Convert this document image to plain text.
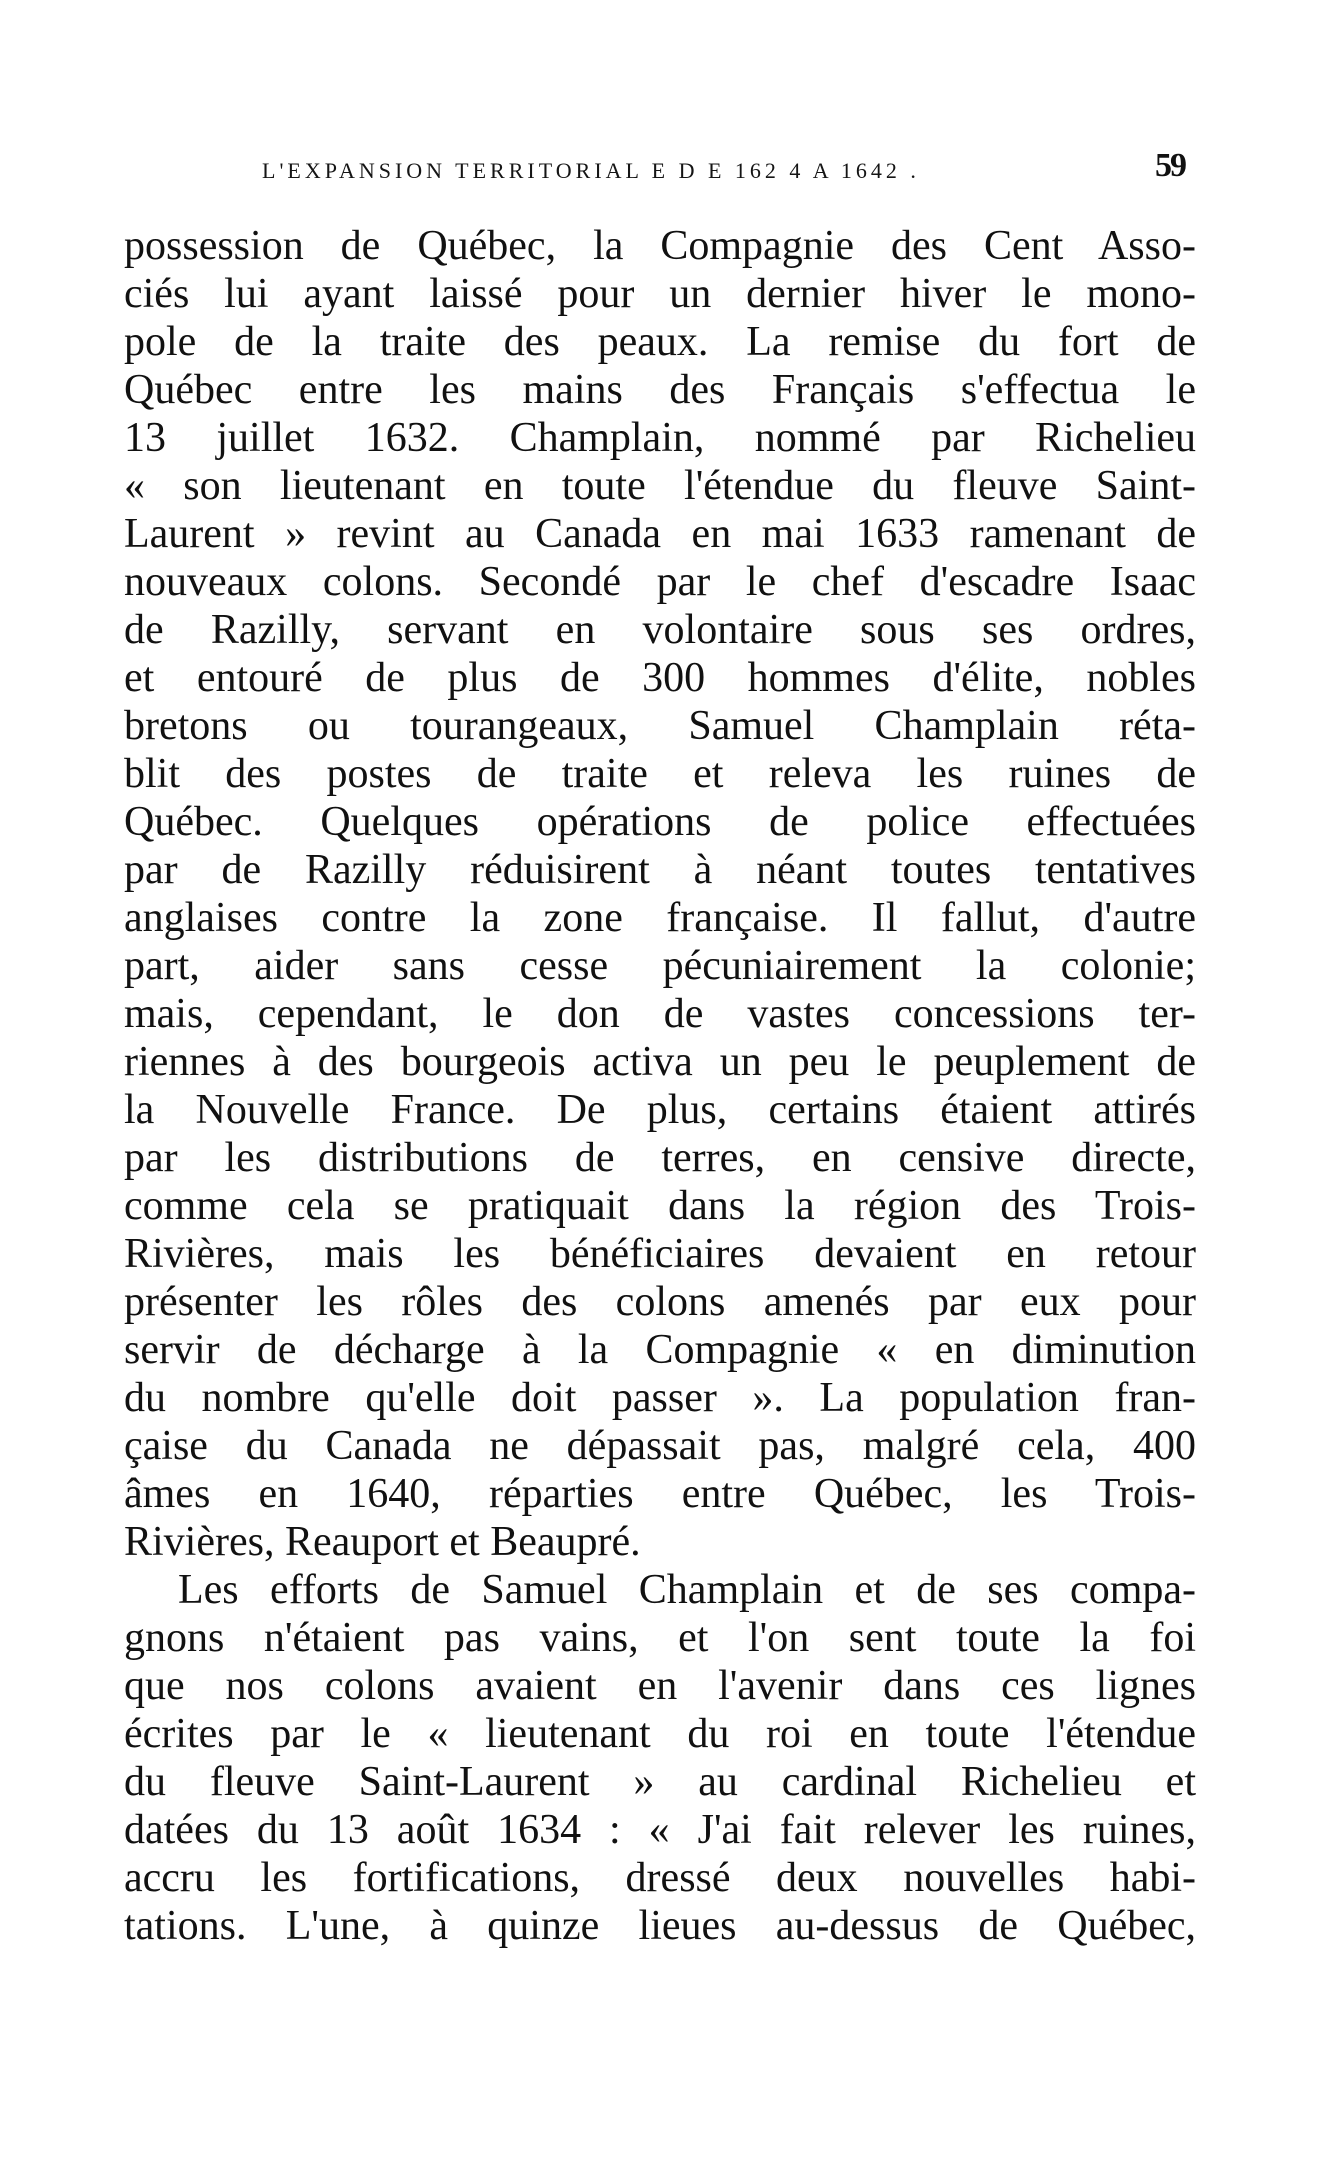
L'EXPANSION TERRITORIAL E D E 162 4 A 1642 .	59
possession de Québec, la Compagnie des Cent Asso-
ciés lui ayant laissé pour un dernier hiver le mono-
pole de la traite des peaux. La remise du fort de
Québec entre les mains des Français s'effectua le
13 juillet 1632. Champlain, nommé par Richelieu
« son lieutenant en toute l'étendue du fleuve Saint-
Laurent » revint au Canada en mai 1633 ramenant de
nouveaux colons. Secondé par le chef d'escadre Isaac
de Razilly, servant en volontaire sous ses ordres,
et entouré de plus de 300 hommes d'élite, nobles
bretons ou tourangeaux, Samuel Champlain réta-
blit des postes de traite et releva les ruines de
Québec. Quelques opérations de police effectuées
par de Razilly réduisirent à néant toutes tentatives
anglaises contre la zone française. Il fallut, d'autre
part, aider sans cesse pécuniairement la colonie;
mais, cependant, le don de vastes concessions ter-
riennes à des bourgeois activa un peu le peuplement de
la Nouvelle France. De plus, certains étaient attirés
par les distributions de terres, en censive directe,
comme cela se pratiquait dans la région des Trois-
Rivières, mais les bénéficiaires devaient en retour
présenter les rôles des colons amenés par eux pour
servir de décharge à la Compagnie « en diminution
du nombre qu'elle doit passer ». La population fran-
çaise du Canada ne dépassait pas, malgré cela, 400
âmes en 1640, réparties entre Québec, les Trois-
Rivières, Reauport et Beaupré.
Les efforts de Samuel Champlain et de ses compa-
gnons n'étaient pas vains, et l'on sent toute la foi
que nos colons avaient en l'avenir dans ces lignes
écrites par le « lieutenant du roi en toute l'étendue
du fleuve Saint-Laurent » au cardinal Richelieu et
datées du 13 août 1634 : « J'ai fait relever les ruines,
accru les fortifications, dressé deux nouvelles habi-
tations. L'une, à quinze lieues au-dessus de Québec,
